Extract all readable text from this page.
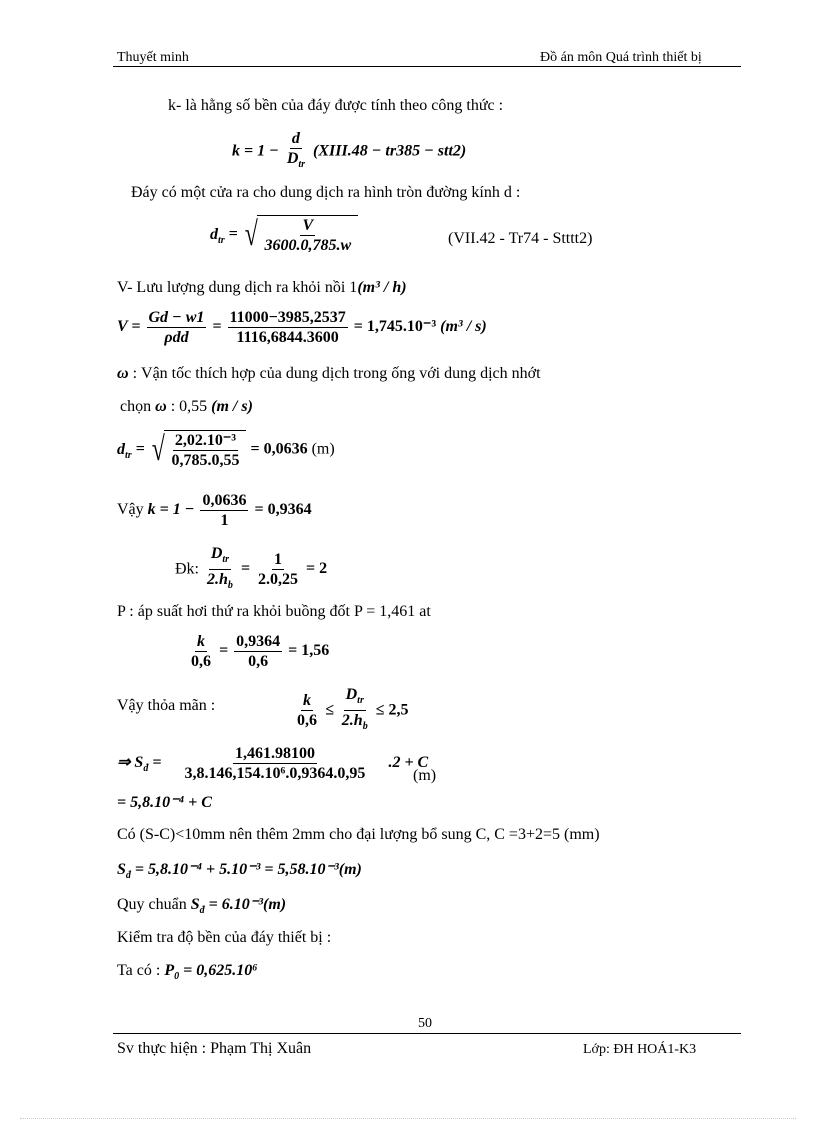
Thuyết minh	Đồ án môn Quá trình thiết bị
k- là hằng số bền của đáy được tính theo công thức :
$k = 1 - \frac{d}{D_{tr}}$ (XIII.48 − tr385 − stt2)
Đáy có một cửa ra cho dung dịch ra hình tròn đường kính d :
$d_{tr}$ = √ $\frac{V}{3600.0,785.w}$	(VII.42 - Tr74 - Stttt2)
V- Lưu lượng dung dịch ra khỏi nồi 1(m³ / h)
$V = \frac{Gd - w1}{\text{ρdd}} = \frac{11000-3985,2537}{1116,6844.3600} = 1,745.10^{-3}$ (m³ / s)
ω : Vận tốc thích hợp của dung dịch trong ống với dung dịch nhớt
chọn ω : 0,55 (m / s)
$d_{tr}$ = √ $\frac{\text{2,02.10⁻³}}{0,785.0,55} = 0,0636$ (m)
Vậy $k = 1 - \frac{0,0636}{1} = 0,9364$
Đk: $\frac{D_{tr}}{2.h_b} = \frac{1}{2.0,25} = 2$
P : áp suất hơi thứ ra khỏi buồng đốt P = 1,461 at
$\frac{k}{0,6} = \frac{0,9364}{0,6} = 1,56$
Vậy thỏa mãn :	$\frac{k}{0,6} \le \frac{D_{tr}}{2.h_b} \le 2,5$
⇒ $S_đ = \frac{1,461.98100}{\text{3,8.146,154.10⁶.0,9364.0,95}} .2 + C$
(m)
= 5,8.10⁻⁴ + C
Có (S-C)<10mm nên thêm 2mm cho đại lượng bổ sung C, C =3+2=5 (mm)
$S_đ = 5,8.10^{-4} + 5.10^{-3} = 5,58.10^{-3}(m)$
Quy chuẩn $S_đ = 6.10^{-3}(m)$
Kiểm tra độ bền của đáy thiết bị :
Ta có : $P_0 = 0,625.10^6$
50
Sv thực hiện : Phạm Thị Xuân	Lớp: ĐH HOÁ1-K3
